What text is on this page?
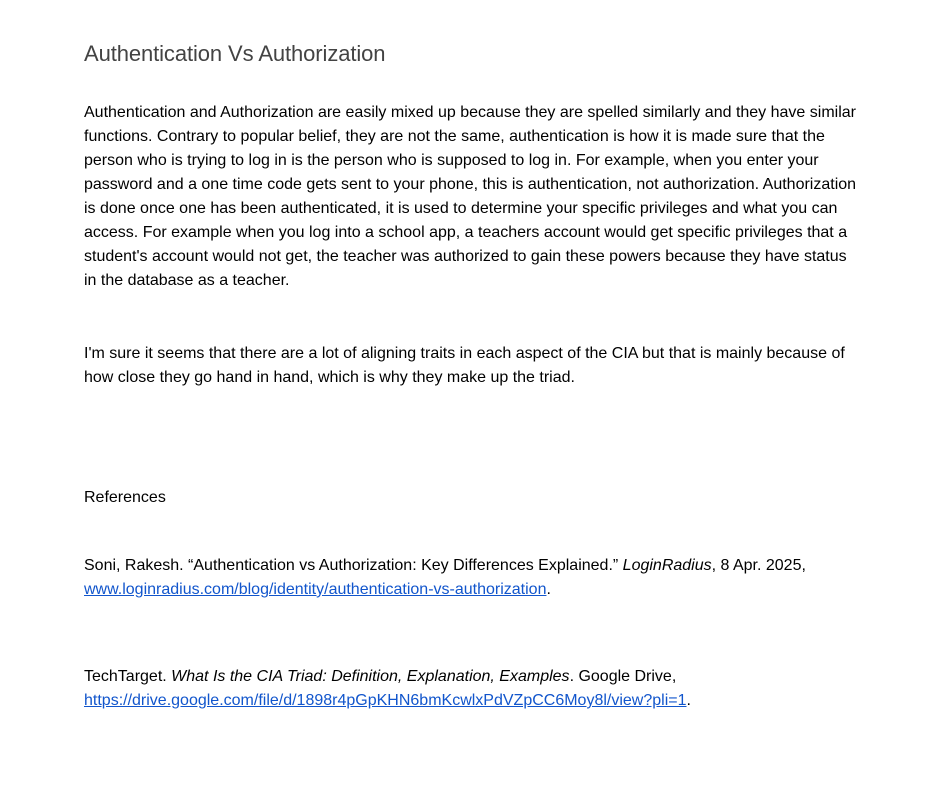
Authentication Vs Authorization

Authentication and Authorization are easily mixed up because they are spelled similarly and they have similar functions. Contrary to popular belief, they are not the same, authentication is how it is made sure that the person who is trying to log in is the person who is supposed to log in. For example, when you enter your password and a one time code gets sent to your phone, this is authentication, not authorization. Authorization is done once one has been authenticated, it is used to determine your specific privileges and what you can access. For example when you log into a school app, a teachers account would get specific privileges that a student's account would not get, the teacher was authorized to gain these powers because they have status in the database as a teacher.

I'm sure it seems that there are a lot of aligning traits in each aspect of the CIA but that is mainly because of how close they go hand in hand, which is why they make up the triad.

References

Soni, Rakesh. “Authentication vs Authorization: Key Differences Explained.” LoginRadius, 8 Apr. 2025, www.loginradius.com/blog/identity/authentication-vs-authorization.

TechTarget. What Is the CIA Triad: Definition, Explanation, Examples. Google Drive, https://drive.google.com/file/d/1898r4pGpKHN6bmKcwlxPdVZpCC6Moy8l/view?pli=1.
